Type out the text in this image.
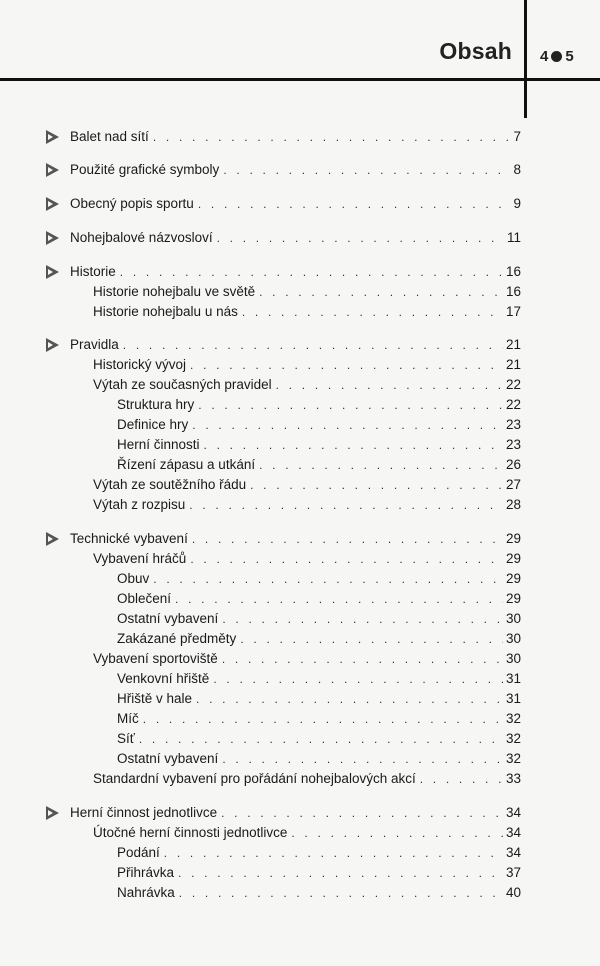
Obsah 4 5
Balet nad sítí . . .	7
Použité grafické symboly . . .	8
Obecný popis sportu . . .	9
Nohejbalové názvosloví . . .	11
Historie . . .	16
Historie nohejbalu ve světě . . .	16
Historie nohejbalu u nás . . .	17
Pravidla . . .	21
Historický vývoj . . .	21
Výtah ze současných pravidel . . .	22
Struktura hry . . .	22
Definice hry . . .	23
Herní činnosti . . .	23
Řízení zápasu a utkání . . .	26
Výtah ze soutěžního řádu . . .	27
Výtah z rozpisu . . .	28
Technické vybavení . . .	29
Vybavení hráčů . . .	29
Obuv . . .	29
Oblečení . . .	29
Ostatní vybavení . . .	30
Zakázané předměty . . .	30
Vybavení sportoviště . . .	30
Venkovní hřiště . . .	31
Hřiště v hale . . .	31
Míč . . .	32
Síť . . .	32
Ostatní vybavení . . .	32
Standardní vybavení pro pořádání nohejbalových akcí . . .	33
Herní činnost jednotlivce . . .	34
Útočné herní činnosti jednotlivce . . .	34
Podání . . .	34
Přihrávka . . .	37
Nahrávka . . .	40
